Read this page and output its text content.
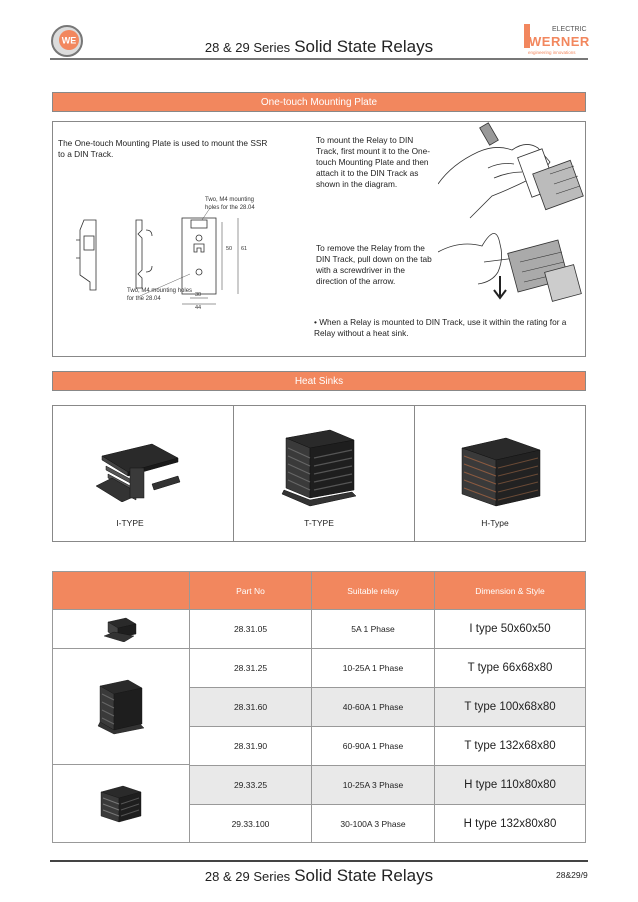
WE	28 & 29 Series Solid State Relays
ELECTRIC
WERNER
engineering innovations
One-touch Mounting Plate
The One-touch Mounting Plate is used to mount the SSR to a DIN Track.
50 61
30
44
Two, M4 mounting holes for the 28.04
Two, M4 mounting holes for the 28.04
To mount the Relay to DIN Track, first mount it to the One-touch Mounting Plate and then attach it to the DIN Track as shown in the diagram.
To remove the Relay from the DIN Track, pull down on the tab with a screwdriver in the direction of the arrow.
• When a Relay is mounted to DIN Track, use it within the rating for a Relay without a heat sink.
Heat Sinks
I-TYPE	T-TYPE	H-Type
Part No	Suitable relay	Dimension & Style
28.31.05	5A 1 Phase	I type 50x60x50
28.31.25	10-25A 1 Phase	T type 66x68x80
28.31.60	40-60A 1 Phase	T type 100x68x80
28.31.90	60-90A 1 Phase	T type 132x68x80
29.33.25	10-25A 3 Phase	H type 110x80x80
29.33.100	30-100A 3 Phase	H type 132x80x80
28 & 29 Series Solid State Relays	28&29/9
